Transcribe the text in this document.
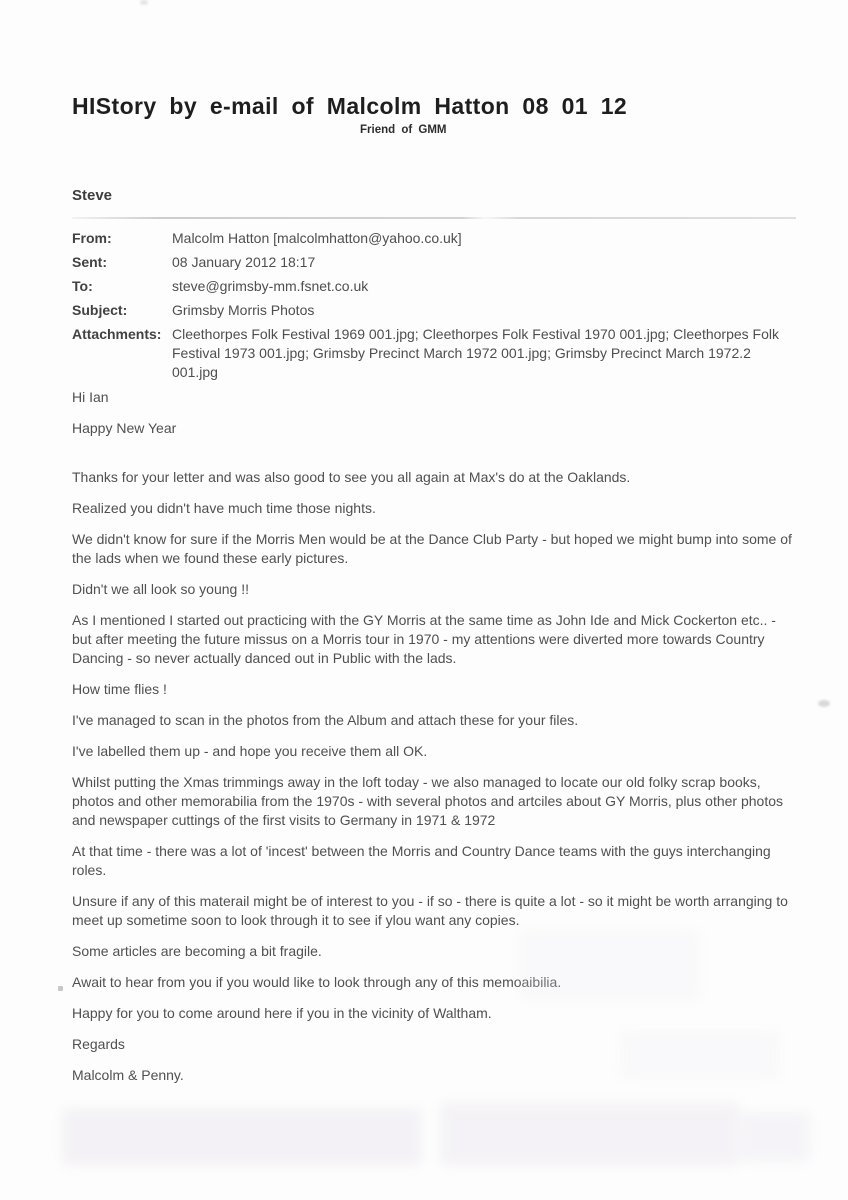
HIStory by e-mail of Malcolm Hatton 08 01 12
Friend of GMM
Steve
From:	Malcolm Hatton [malcolmhatton@yahoo.co.uk]
Sent:	08 January 2012 18:17
To:	steve@grimsby-mm.fsnet.co.uk
Subject:	Grimsby Morris Photos
Attachments: Cleethorpes Folk Festival 1969 001.jpg; Cleethorpes Folk Festival 1970 001.jpg; Cleethorpes Folk Festival 1973 001.jpg; Grimsby Precinct March 1972 001.jpg; Grimsby Precinct March 1972.2 001.jpg

Hi Ian

Happy New Year

Thanks for your letter and was also good to see you all again at Max's do at the Oaklands.

Realized you didn't have much time those nights.

We didn't know for sure if the Morris Men would be at the Dance Club Party - but hoped we might bump into some of the lads when we found these early pictures.

Didn't we all look so young !!

As I mentioned I started out practicing with the GY Morris at the same time as John Ide and Mick Cockerton etc.. - but after meeting the future missus on a Morris tour in 1970 - my attentions were diverted more towards Country Dancing - so never actually danced out in Public with the lads.

How time flies !

I've managed to scan in the photos from the Album and attach these for your files.

I've labelled them up - and hope you receive them all OK.

Whilst putting the Xmas trimmings away in the loft today - we also managed to locate our old folky scrap books, photos and other memorabilia from the 1970s - with several photos and artciles about GY Morris, plus other photos and newspaper cuttings of the first visits to Germany in 1971 & 1972

At that time - there was a lot of 'incest' between the Morris and Country Dance teams with the guys interchanging roles.

Unsure if any of this materail might be of interest to you - if so - there is quite a lot - so it might be worth arranging to meet up sometime soon to look through it to see if ylou want any copies.

Some articles are becoming a bit fragile.

Await to hear from you if you would like to look through any of this memoaibilia.

Happy for you to come around here if you in the vicinity of Waltham.

Regards

Malcolm & Penny.
